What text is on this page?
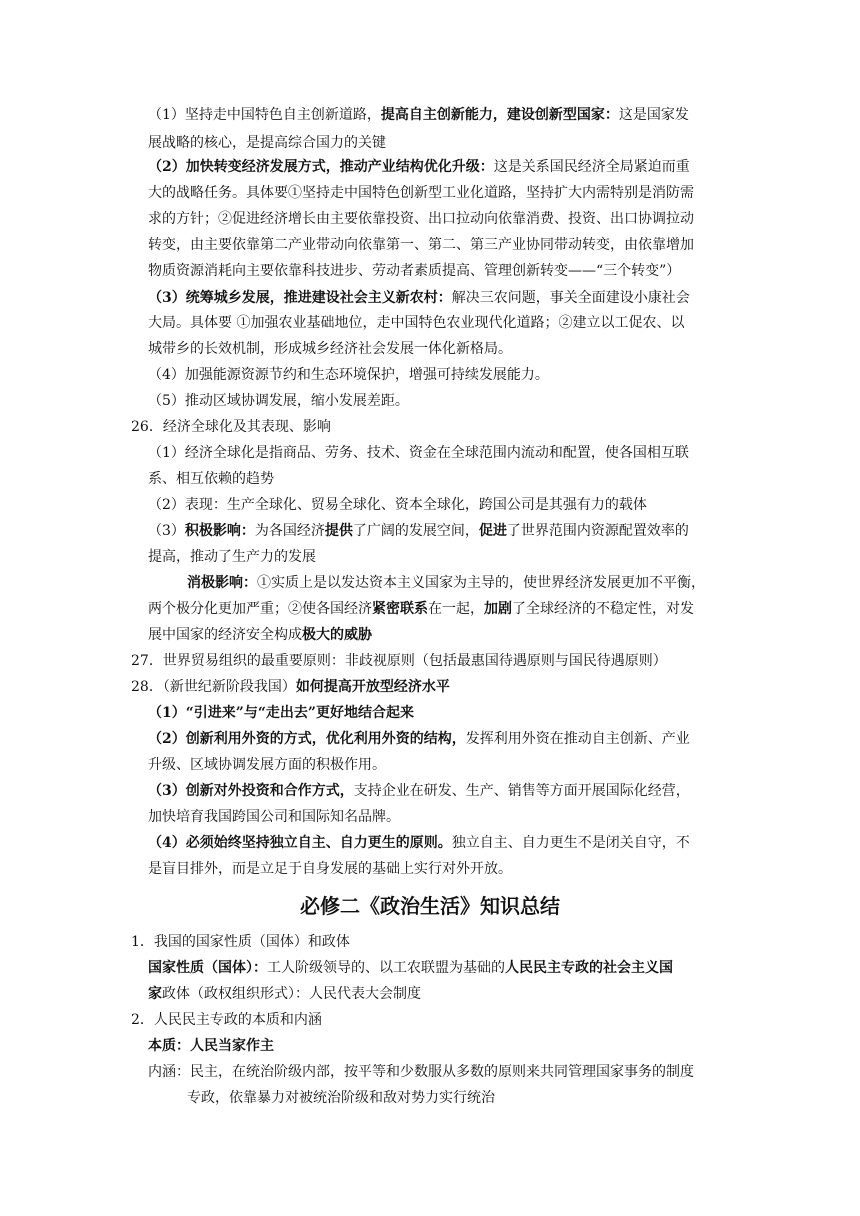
（1）坚持走中国特色自主创新道路，提高自主创新能力，建设创新型国家：这是国家发
展战略的核心，是提高综合国力的关键
（2）加快转变经济发展方式，推动产业结构优化升级：这是关系国民经济全局紧迫而重
大的战略任务。具体要①坚持走中国特色创新型工业化道路，坚持扩大内需特别是消防需
求的方针；②促进经济增长由主要依靠投资、出口拉动向依靠消费、投资、出口协调拉动
转变，由主要依靠第二产业带动向依靠第一、第二、第三产业协同带动转变，由依靠增加
物质资源消耗向主要依靠科技进步、劳动者素质提高、管理创新转变——“三个转变”）
（3）统筹城乡发展，推进建设社会主义新农村：解决三农问题，事关全面建设小康社会
大局。具体要 ①加强农业基础地位，走中国特色农业现代化道路；②建立以工促农、以
城带乡的长效机制，形成城乡经济社会发展一体化新格局。
（4）加强能源资源节约和生态环境保护，增强可持续发展能力。
（5）推动区域协调发展，缩小发展差距。
26．经济全球化及其表现、影响
（1）经济全球化是指商品、劳务、技术、资金在全球范围内流动和配置，使各国相互联
系、相互依赖的趋势
（2）表现：生产全球化、贸易全球化、资本全球化，跨国公司是其强有力的载体
（3）积极影响：为各国经济提供了广阔的发展空间，促进了世界范围内资源配置效率的
提高，推动了生产力的发展
消极影响：①实质上是以发达资本主义国家为主导的，使世界经济发展更加不平衡，
两个极分化更加严重；②使各国经济紧密联系在一起，加剧了全球经济的不稳定性，对发
展中国家的经济安全构成极大的威胁
27．世界贸易组织的最重要原则：非歧视原则（包括最惠国待遇原则与国民待遇原则）
28．（新世纪新阶段我国）如何提高开放型经济水平
（1）“引进来”与“走出去”更好地结合起来
（2）创新利用外资的方式，优化利用外资的结构，发挥利用外资在推动自主创新、产业
升级、区域协调发展方面的积极作用。
（3）创新对外投资和合作方式，支持企业在研发、生产、销售等方面开展国际化经营，
加快培育我国跨国公司和国际知名品牌。
（4）必须始终坚持独立自主、自力更生的原则。独立自主、自力更生不是闭关自守，不
是盲目排外，而是立足于自身发展的基础上实行对外开放。
必修二《政治生活》知识总结
1．我国的国家性质（国体）和政体
国家性质（国体）：工人阶级领导的、以工农联盟为基础的人民民主专政的社会主义国
家政体（政权组织形式）：人民代表大会制度
2．人民民主专政的本质和内涵
本质：人民当家作主
内涵：民主，在统治阶级内部，按平等和少数服从多数的原则来共同管理国家事务的制度
专政，依靠暴力对被统治阶级和敌对势力实行统治
